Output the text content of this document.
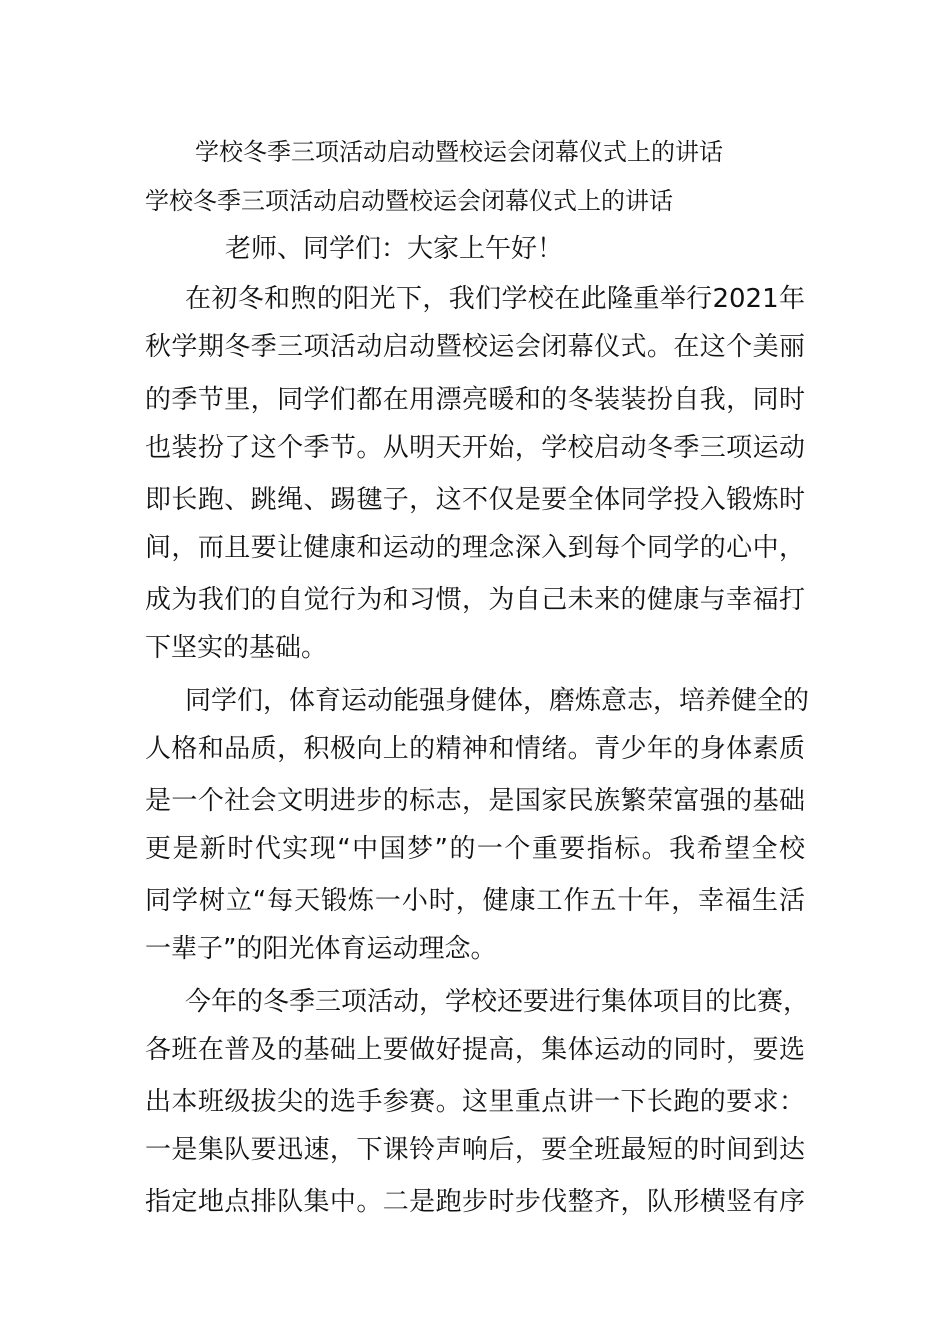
学校冬季三项活动启动暨校运会闭幕仪式上的讲话
学校冬季三项活动启动暨校运会闭幕仪式上的讲话
老师、同学们：大家上午好！
在初冬和煦的阳光下，我们学校在此隆重举行2021年
秋学期冬季三项活动启动暨校运会闭幕仪式。在这个美丽
的季节里，同学们都在用漂亮暖和的冬装装扮自我，同时
也装扮了这个季节。从明天开始，学校启动冬季三项运动
即长跑、跳绳、踢毽子，这不仅是要全体同学投入锻炼时
间，而且要让健康和运动的理念深入到每个同学的心中，
成为我们的自觉行为和习惯，为自己未来的健康与幸福打
下坚实的基础。
同学们，体育运动能强身健体，磨炼意志，培养健全的
人格和品质，积极向上的精神和情绪。青少年的身体素质
是一个社会文明进步的标志，是国家民族繁荣富强的基础
更是新时代实现“中国梦”的一个重要指标。我希望全校
同学树立“每天锻炼一小时，健康工作五十年，幸福生活
一辈子”的阳光体育运动理念。
今年的冬季三项活动，学校还要进行集体项目的比赛，
各班在普及的基础上要做好提高，集体运动的同时，要选
出本班级拔尖的选手参赛。这里重点讲一下长跑的要求：
一是集队要迅速，下课铃声响后，要全班最短的时间到达
指定地点排队集中。二是跑步时步伐整齐，队形横竖有序
